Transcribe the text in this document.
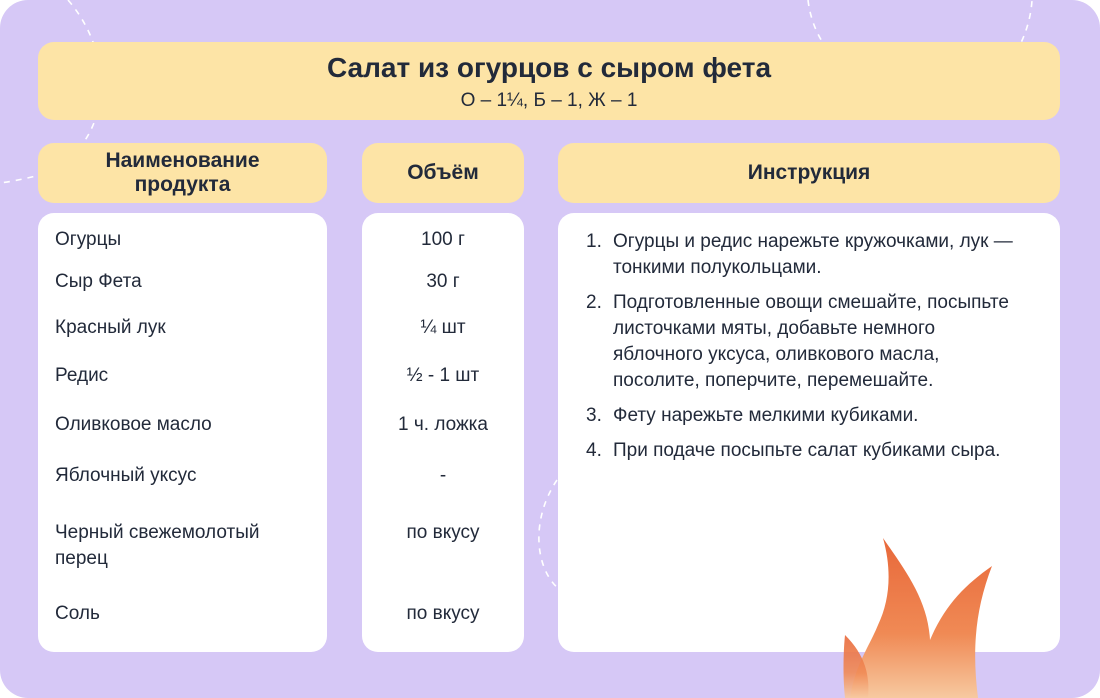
Салат из огурцов с сыром фета
О – 1¼, Б – 1, Ж – 1
Наименование продукта
Объём	Инструкция
Огурцы
Сыр Фета
Красный лук
Редис
Оливковое масло
Яблочный уксус
Черный свежемолотый перец
Соль
100 г
30 г
¼ шт
½ - 1 шт
1 ч. ложка
-
по вкусу
по вкусу
1. Огурцы и редис нарежьте кружочками, лук — тонкими полукольцами.
2. Подготовленные овощи смешайте, посыпьте листочками мяты, добавьте немного яблочного уксуса, оливкового масла, посолите, поперчите, перемешайте.
3. Фету нарежьте мелкими кубиками.
4. При подаче посыпьте салат кубиками сыра.
